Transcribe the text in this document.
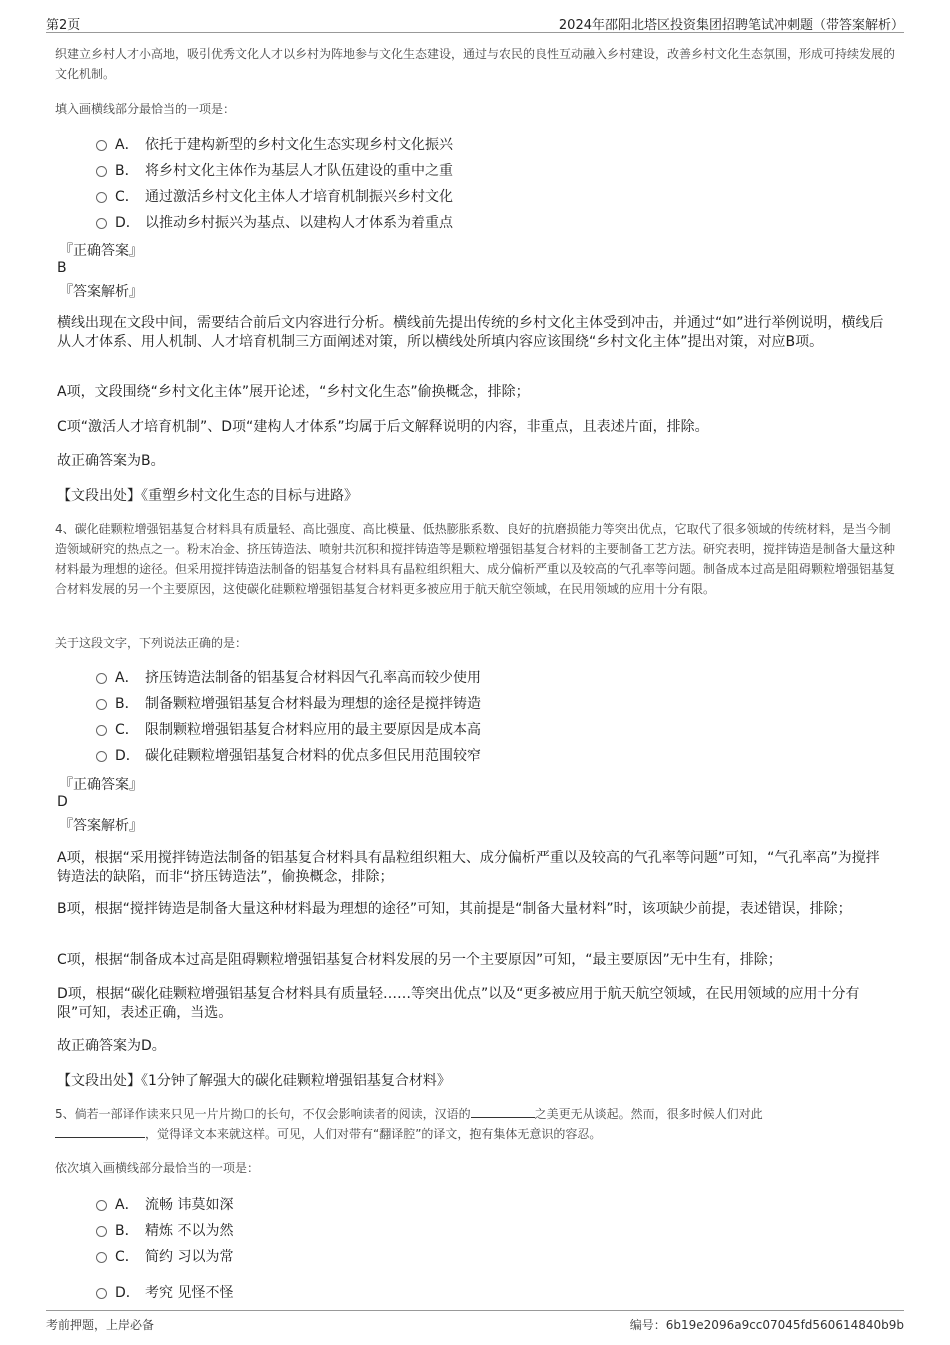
第2页	2024年邵阳北塔区投资集团招聘笔试冲刺题（带答案解析）
织建立乡村人才小高地，吸引优秀文化人才以乡村为阵地参与文化生态建设，通过与农民的良性互动融入乡村建设，改善乡村文化生态氛围，形成可持续发展的文化机制。
填入画横线部分最恰当的一项是：
A． 依托于建构新型的乡村文化生态实现乡村文化振兴
B． 将乡村文化主体作为基层人才队伍建设的重中之重
C． 通过激活乡村文化主体人才培育机制振兴乡村文化
D． 以推动乡村振兴为基点、以建构人才体系为着重点
『正确答案』
B
『答案解析』
横线出现在文段中间，需要结合前后文内容进行分析。横线前先提出传统的乡村文化主体受到冲击，并通过“如”进行举例说明，横线后从人才体系、用人机制、人才培育机制三方面阐述对策，所以横线处所填内容应该围绕“乡村文化主体”提出对策，对应B项。
A项，文段围绕“乡村文化主体”展开论述，“乡村文化生态”偷换概念，排除；
C项“激活人才培育机制”、D项“建构人才体系”均属于后文解释说明的内容，非重点，且表述片面，排除。
故正确答案为B。
【文段出处】《重塑乡村文化生态的目标与进路》
4、碳化硅颗粒增强铝基复合材料具有质量轻、高比强度、高比模量、低热膨胀系数、良好的抗磨损能力等突出优点，它取代了很多领域的传统材料，是当今制造领域研究的热点之一。粉末冶金、挤压铸造法、喷射共沉积和搅拌铸造等是颗粒增强铝基复合材料的主要制备工艺方法。研究表明，搅拌铸造是制备大量这种材料最为理想的途径。但采用搅拌铸造法制备的铝基复合材料具有晶粒组织粗大、成分偏析严重以及较高的气孔率等问题。制备成本过高是阻碍颗粒增强铝基复合材料发展的另一个主要原因，这使碳化硅颗粒增强铝基复合材料更多被应用于航天航空领域，在民用领域的应用十分有限。
关于这段文字，下列说法正确的是：
A． 挤压铸造法制备的铝基复合材料因气孔率高而较少使用
B． 制备颗粒增强铝基复合材料最为理想的途径是搅拌铸造
C． 限制颗粒增强铝基复合材料应用的最主要原因是成本高
D． 碳化硅颗粒增强铝基复合材料的优点多但民用范围较窄
『正确答案』
D
『答案解析』
A项，根据“采用搅拌铸造法制备的铝基复合材料具有晶粒组织粗大、成分偏析严重以及较高的气孔率等问题”可知，“气孔率高”为搅拌铸造法的缺陷，而非“挤压铸造法”，偷换概念，排除；
B项，根据“搅拌铸造是制备大量这种材料最为理想的途径”可知，其前提是“制备大量材料”时，该项缺少前提，表述错误，排除；
C项，根据“制备成本过高是阻碍颗粒增强铝基复合材料发展的另一个主要原因”可知，“最主要原因”无中生有，排除；
D项，根据“碳化硅颗粒增强铝基复合材料具有质量轻……等突出优点”以及“更多被应用于航天航空领域，在民用领域的应用十分有限”可知，表述正确，当选。
故正确答案为D。
【文段出处】《1分钟了解强大的碳化硅颗粒增强铝基复合材料》
5、倘若一部译作读来只见一片片拗口的长句，不仅会影响读者的阅读，汉语的	之美更无从谈起。然而，很多时候人们对此
，觉得译文本来就这样。可见，人们对带有“翻译腔”的译文，抱有集体无意识的容忍。
依次填入画横线部分最恰当的一项是：
A． 流畅 讳莫如深
B． 精炼 不以为然
C． 简约 习以为常
D． 考究 见怪不怪
考前押题，上岸必备	编号：6b19e2096a9cc07045fd560614840b9b
